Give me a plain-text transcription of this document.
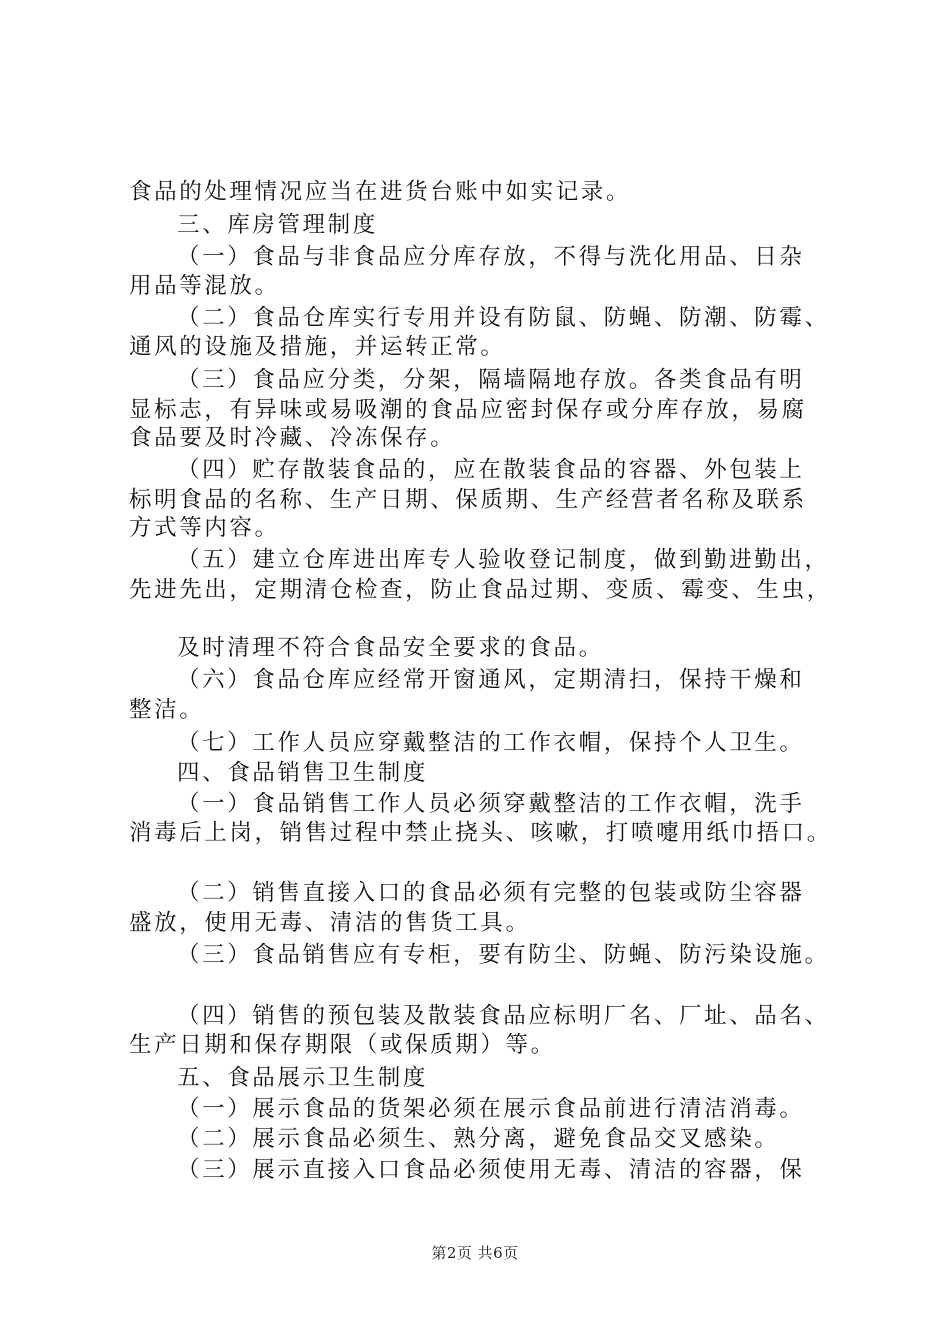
食品的处理情况应当在进货台账中如实记录。
三、库房管理制度
（一）食品与非食品应分库存放，不得与洗化用品、日杂
用品等混放。
（二）食品仓库实行专用并设有防鼠、防蝇、防潮、防霉、
通风的设施及措施，并运转正常。
（三）食品应分类，分架，隔墙隔地存放。各类食品有明
显标志，有异味或易吸潮的食品应密封保存或分库存放，易腐
食品要及时冷藏、冷冻保存。
（四）贮存散装食品的，应在散装食品的容器、外包装上
标明食品的名称、生产日期、保质期、生产经营者名称及联系
方式等内容。
（五）建立仓库进出库专人验收登记制度，做到勤进勤出，
先进先出，定期清仓检查，防止食品过期、变质、霉变、生虫，
及时清理不符合食品安全要求的食品。
（六）食品仓库应经常开窗通风，定期清扫，保持干燥和
整洁。
（七）工作人员应穿戴整洁的工作衣帽，保持个人卫生。
四、食品销售卫生制度
（一）食品销售工作人员必须穿戴整洁的工作衣帽，洗手
消毒后上岗，销售过程中禁止挠头、咳嗽，打喷嚏用纸巾捂口。
（二）销售直接入口的食品必须有完整的包装或防尘容器
盛放，使用无毒、清洁的售货工具。
（三）食品销售应有专柜，要有防尘、防蝇、防污染设施。
（四）销售的预包装及散装食品应标明厂名、厂址、品名、
生产日期和保存期限（或保质期）等。
五、食品展示卫生制度
（一）展示食品的货架必须在展示食品前进行清洁消毒。
（二）展示食品必须生、熟分离，避免食品交叉感染。
（三）展示直接入口食品必须使用无毒、清洁的容器，保
第2页 共6页
